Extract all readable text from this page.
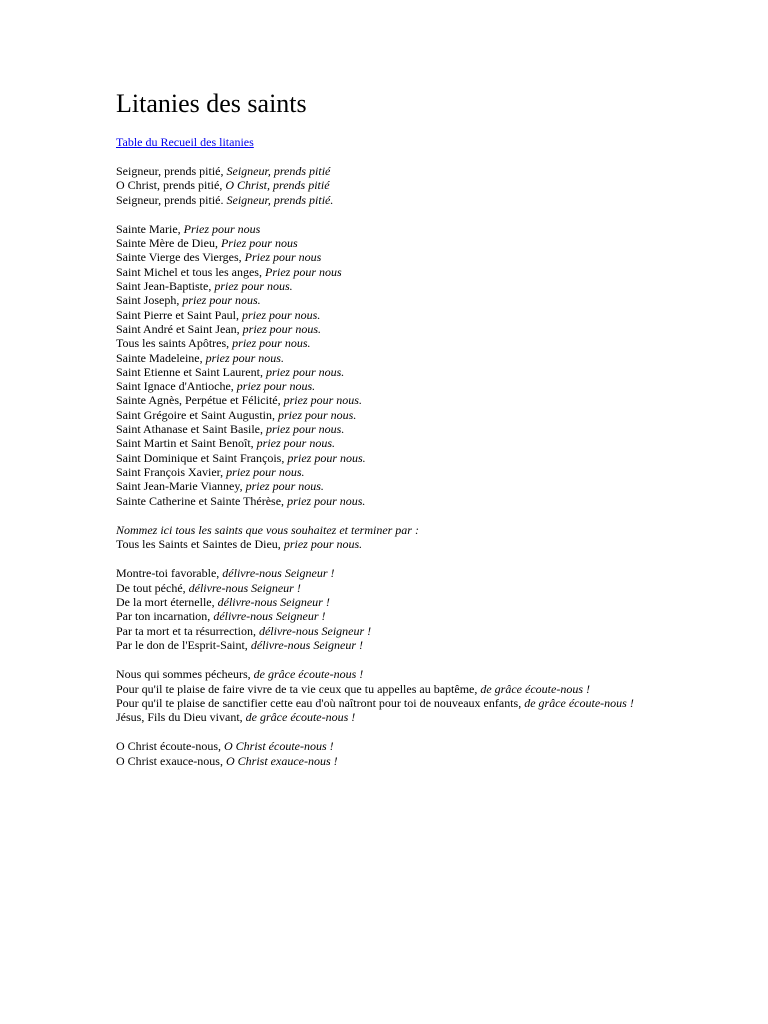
Litanies des saints
Table du Recueil des litanies
Seigneur, prends pitié, Seigneur, prends pitié
O Christ, prends pitié, O Christ, prends pitié
Seigneur, prends pitié. Seigneur, prends pitié.
Sainte Marie, Priez pour nous
Sainte Mère de Dieu, Priez pour nous
Sainte Vierge des Vierges, Priez pour nous
Saint Michel et tous les anges, Priez pour nous
Saint Jean-Baptiste, priez pour nous.
Saint Joseph, priez pour nous.
Saint Pierre et Saint Paul, priez pour nous.
Saint André et Saint Jean, priez pour nous.
Tous les saints Apôtres, priez pour nous.
Sainte Madeleine, priez pour nous.
Saint Etienne et Saint Laurent, priez pour nous.
Saint Ignace d'Antioche, priez pour nous.
Sainte Agnès, Perpétue et Félicité, priez pour nous.
Saint Grégoire et Saint Augustin, priez pour nous.
Saint Athanase et Saint Basile, priez pour nous.
Saint Martin et Saint Benoît, priez pour nous.
Saint Dominique et Saint François, priez pour nous.
Saint François Xavier, priez pour nous.
Saint Jean-Marie Vianney, priez pour nous.
Sainte Catherine et Sainte Thérèse, priez pour nous.
Nommez ici tous les saints que vous souhaitez et terminer par :
Tous les Saints et Saintes de Dieu, priez pour nous.
Montre-toi favorable, délivre-nous Seigneur !
De tout péché, délivre-nous Seigneur !
De la mort éternelle, délivre-nous Seigneur !
Par ton incarnation, délivre-nous Seigneur !
Par ta mort et ta résurrection, délivre-nous Seigneur !
Par le don de l'Esprit-Saint, délivre-nous Seigneur !
Nous qui sommes pécheurs, de grâce écoute-nous !
Pour qu'il te plaise de faire vivre de ta vie ceux que tu appelles au baptême, de grâce écoute-nous !
Pour qu'il te plaise de sanctifier cette eau d'où naîtront pour toi de nouveaux enfants, de grâce écoute-nous !
Jésus, Fils du Dieu vivant, de grâce écoute-nous !
O Christ écoute-nous, O Christ écoute-nous !
O Christ exauce-nous, O Christ exauce-nous !
